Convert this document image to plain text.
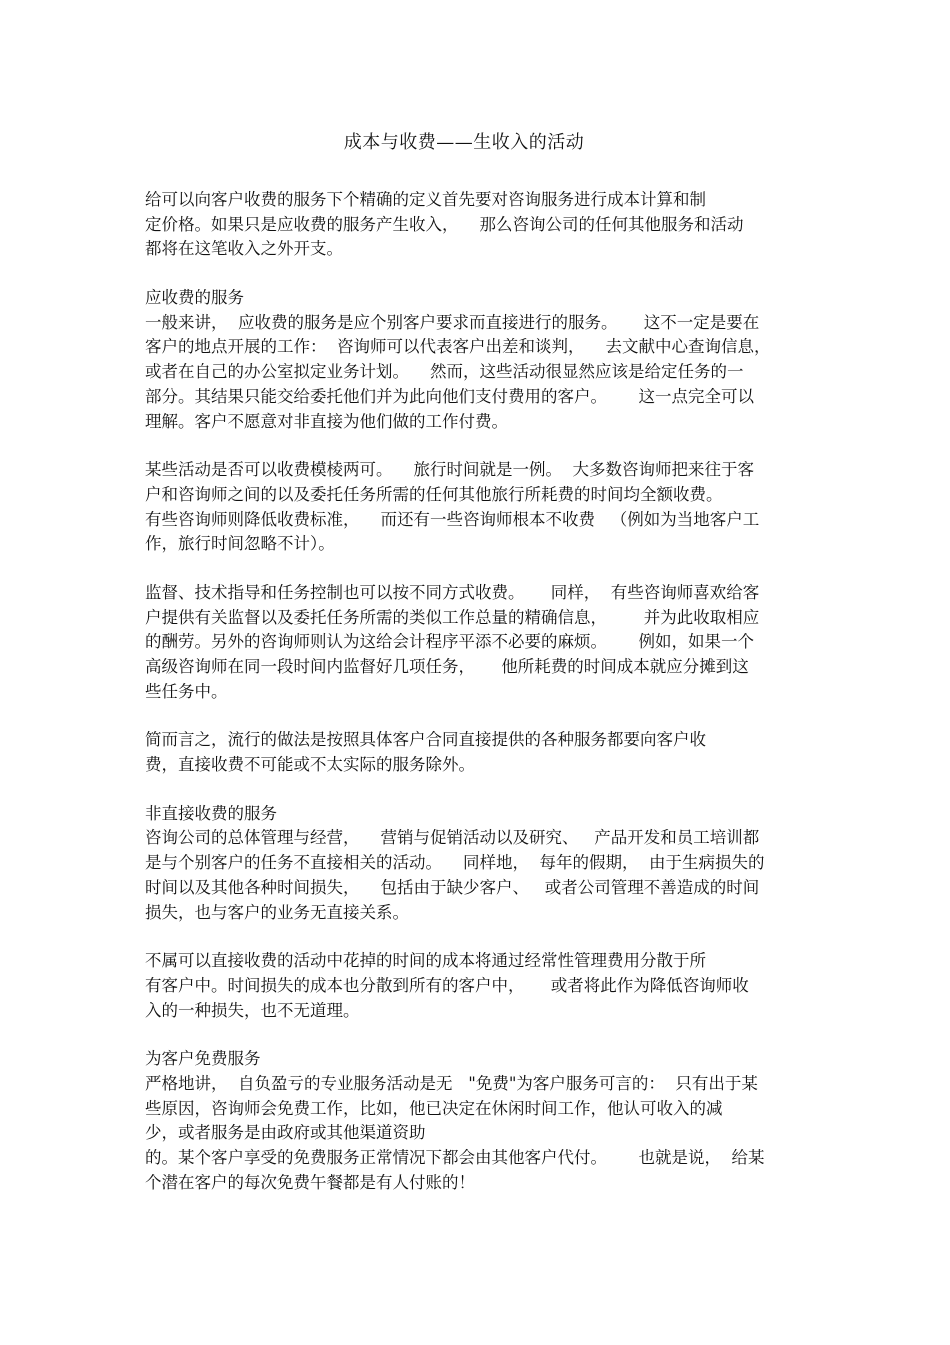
成本与收费——生收入的活动
给可以向客户收费的服务下个精确的定义首先要对咨询服务进行成本计算和制
定价格。如果只是应收费的服务产生收入，    那么咨询公司的任何其他服务和活动
都将在这笔收入之外开支。
应收费的服务
一般来讲，  应收费的服务是应个别客户要求而直接进行的服务。     这不一定是要在
客户的地点开展的工作：  咨询师可以代表客户出差和谈判，    去文献中心查询信息，
或者在自己的办公室拟定业务计划。    然而，这些活动很显然应该是给定任务的一
部分。其结果只能交给委托他们并为此向他们支付费用的客户。      这一点完全可以
理解。客户不愿意对非直接为他们做的工作付费。
某些活动是否可以收费模棱两可。    旅行时间就是一例。  大多数咨询师把来往于客
户和咨询师之间的以及委托任务所需的任何其他旅行所耗费的时间均全额收费。
有些咨询师则降低收费标准，    而还有一些咨询师根本不收费   （例如为当地客户工
作，旅行时间忽略不计）。
监督、技术指导和任务控制也可以按不同方式收费。     同样，  有些咨询师喜欢给客
户提供有关监督以及委托任务所需的类似工作总量的精确信息，       并为此收取相应
的酬劳。另外的咨询师则认为这给会计程序平添不必要的麻烦。      例如，如果一个
高级咨询师在同一段时间内监督好几项任务，     他所耗费的时间成本就应分摊到这
些任务中。
简而言之，流行的做法是按照具体客户合同直接提供的各种服务都要向客户收
费，直接收费不可能或不太实际的服务除外。
非直接收费的服务
咨询公司的总体管理与经营，    营销与促销活动以及研究、   产品开发和员工培训都
是与个别客户的任务不直接相关的活动。    同样地，  每年的假期，  由于生病损失的
时间以及其他各种时间损失，    包括由于缺少客户、   或者公司管理不善造成的时间
损失，也与客户的业务无直接关系。
不属可以直接收费的活动中花掉的时间的成本将通过经常性管理费用分散于所
有客户中。时间损失的成本也分散到所有的客户中，     或者将此作为降低咨询师收
入的一种损失，也不无道理。
为客户免费服务
严格地讲，  自负盈亏的专业服务活动是无   "免费"为客户服务可言的：  只有出于某
些原因，咨询师会免费工作，比如，他已决定在休闲时间工作，他认可收入的减
少，或者服务是由政府或其他渠道资助
的。某个客户享受的免费服务正常情况下都会由其他客户代付。      也就是说，  给某
个潜在客户的每次免费午餐都是有人付账的！
